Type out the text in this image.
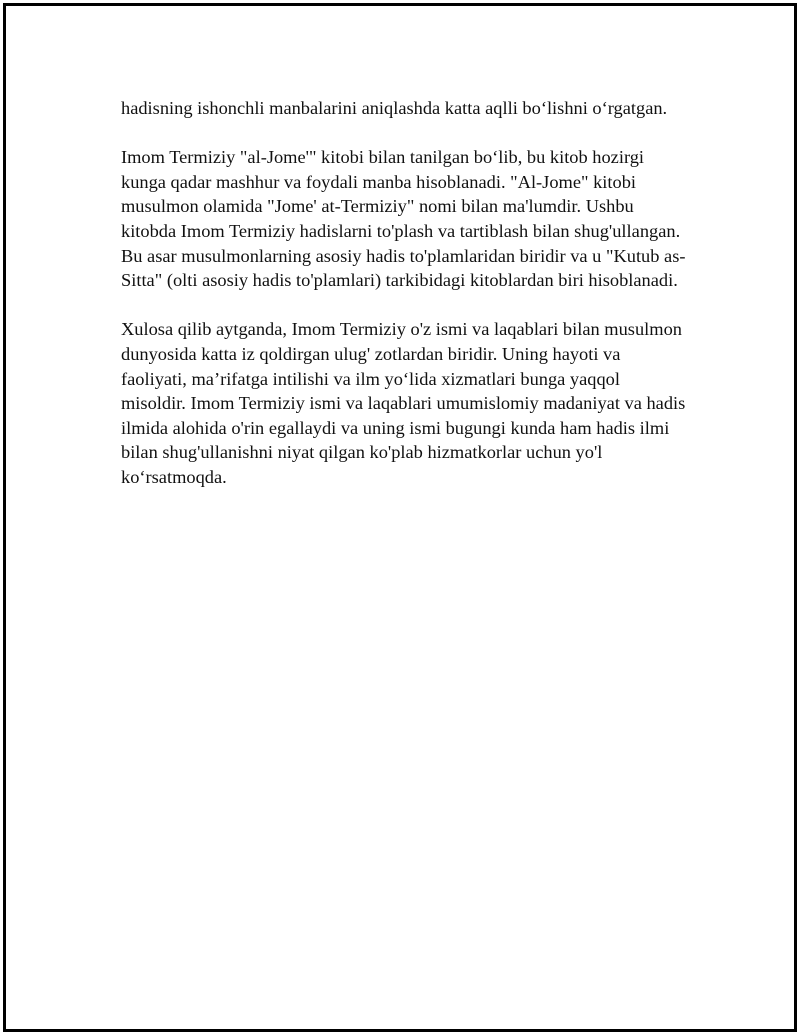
hadisning ishonchli manbalarini aniqlashda katta aqlli bo‘lishni o‘rgatgan.

Imom Termiziy "al-Jome'" kitobi bilan tanilgan bo‘lib, bu kitob hozirgi
kunga qadar mashhur va foydali manba hisoblanadi. "Al-Jome" kitobi
musulmon olamida "Jome' at-Termiziy" nomi bilan ma'lumdir. Ushbu
kitobda Imom Termiziy hadislarni to'plash va tartiblash bilan shug'ullangan.
Bu asar musulmonlarning asosiy hadis to'plamlaridan biridir va u "Kutub as-
Sitta" (olti asosiy hadis to'plamlari) tarkibidagi kitoblardan biri hisoblanadi.

Xulosa qilib aytganda, Imom Termiziy o'z ismi va laqablari bilan musulmon
dunyosida katta iz qoldirgan ulug' zotlardan biridir. Uning hayoti va
faoliyati, ma’rifatga intilishi va ilm yo‘lida xizmatlari bunga yaqqol
misoldir. Imom Termiziy ismi va laqablari umumislomiy madaniyat va hadis
ilmida alohida o'rin egallaydi va uning ismi bugungi kunda ham hadis ilmi
bilan shug'ullanishni niyat qilgan ko'plab hizmatkorlar uchun yo'l
ko‘rsatmoqda.
